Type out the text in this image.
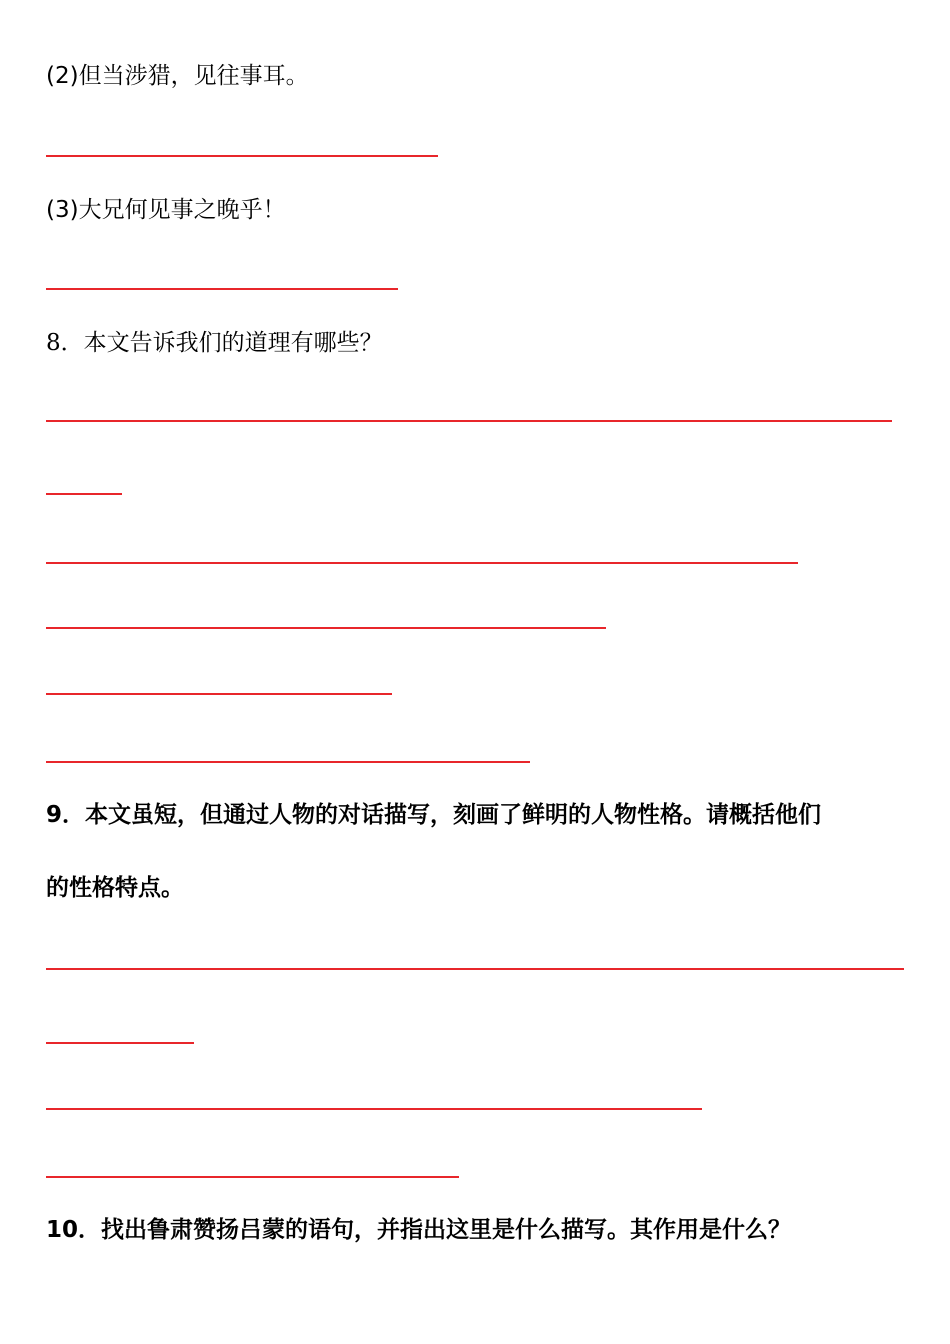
(2)但当涉猎，见往事耳。
(3)大兄何见事之晚乎！
8．本文告诉我们的道理有哪些？
9．本文虽短，但通过人物的对话描写，刻画了鲜明的人物性格。请概括他们
的性格特点。
10．找出鲁肃赞扬吕蒙的语句，并指出这里是什么描写。其作用是什么？
